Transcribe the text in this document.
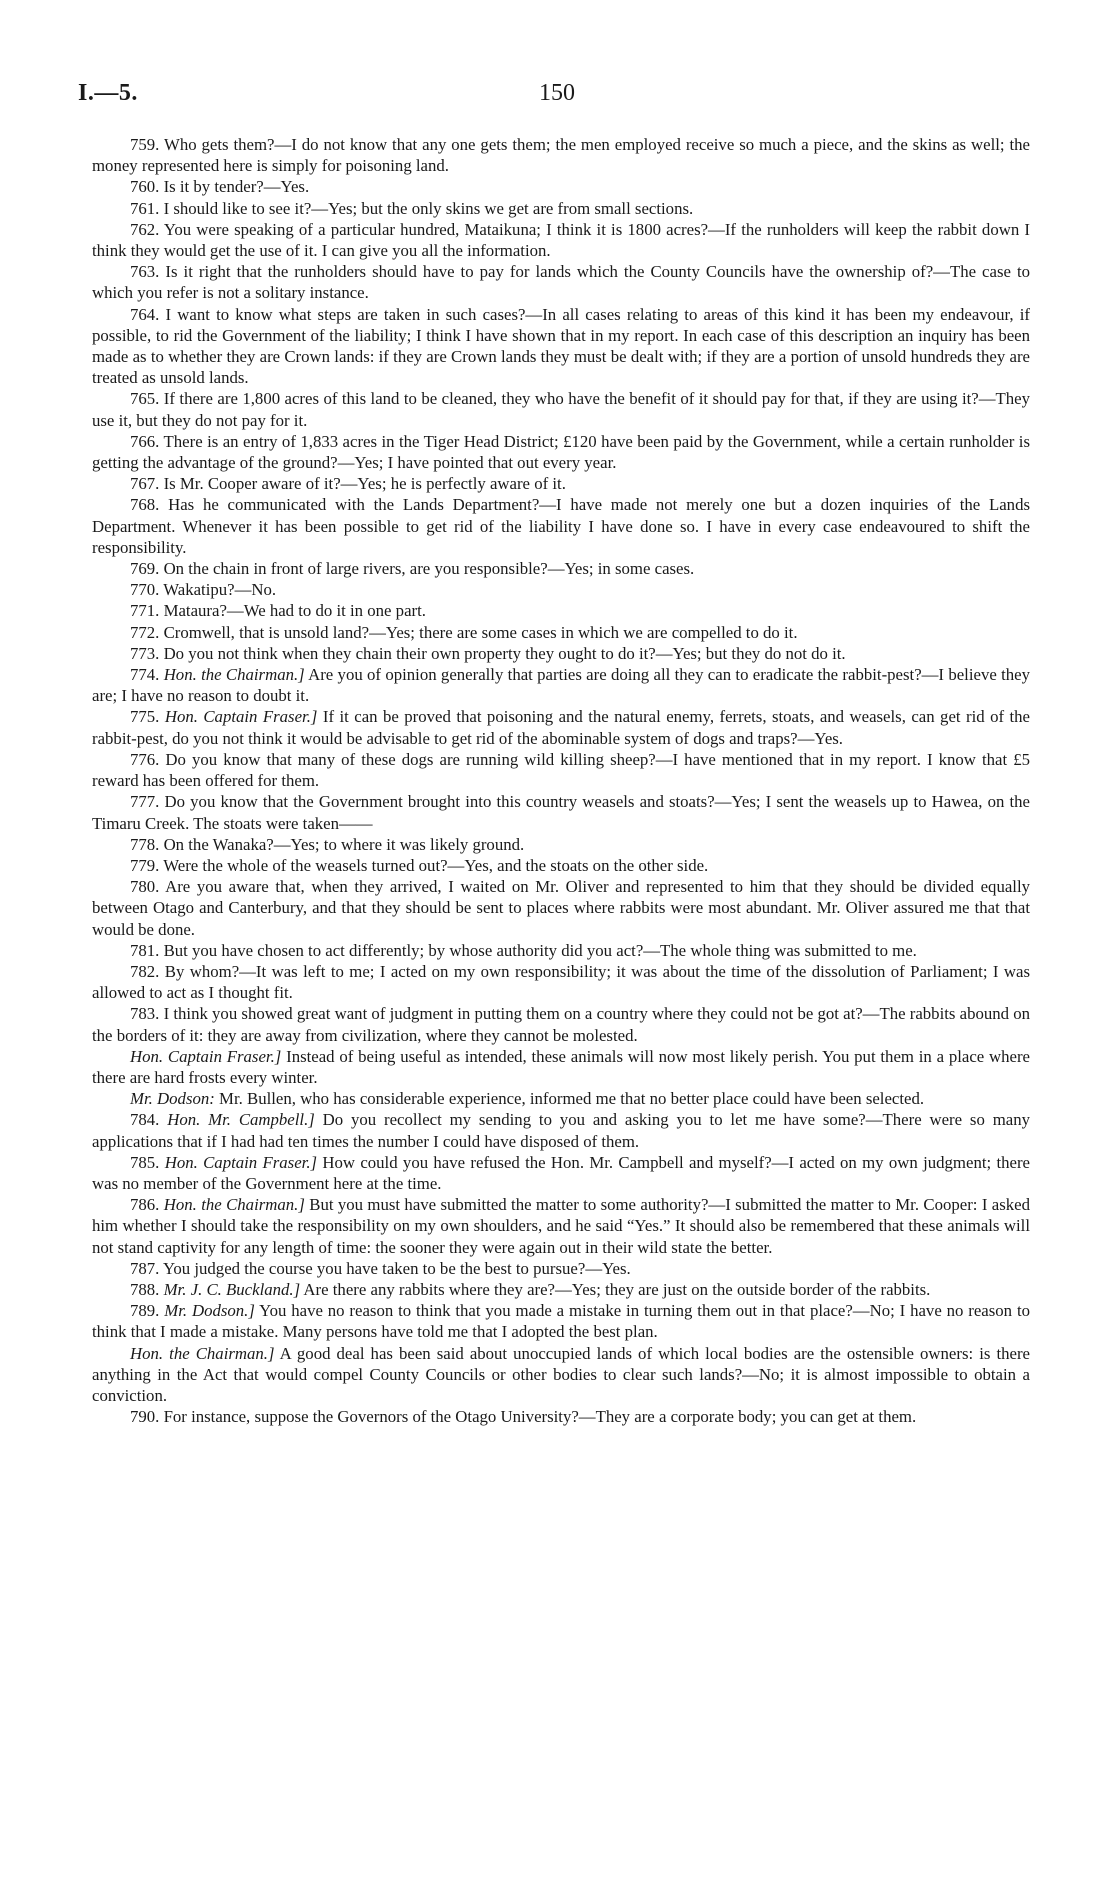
I.—5.	150

759. Who gets them?—I do not know that any one gets them; the men employed receive so much a piece, and the skins as well; the money represented here is simply for poisoning land.

760. Is it by tender?—Yes.

761. I should like to see it?—Yes; but the only skins we get are from small sections.

762. You were speaking of a particular hundred, Mataikuna; I think it is 1800 acres?—If the runholders will keep the rabbit down I think they would get the use of it. I can give you all the information.

763. Is it right that the runholders should have to pay for lands which the County Councils have the ownership of?—The case to which you refer is not a solitary instance.

764. I want to know what steps are taken in such cases?—In all cases relating to areas of this kind it has been my endeavour, if possible, to rid the Government of the liability; I think I have shown that in my report. In each case of this description an inquiry has been made as to whether they are Crown lands: if they are Crown lands they must be dealt with; if they are a portion of unsold hundreds they are treated as unsold lands.

765. If there are 1,800 acres of this land to be cleaned, they who have the benefit of it should pay for that, if they are using it?—They use it, but they do not pay for it.

766. There is an entry of 1,833 acres in the Tiger Head District; £120 have been paid by the Government, while a certain runholder is getting the advantage of the ground?—Yes; I have pointed that out every year.

767. Is Mr. Cooper aware of it?—Yes; he is perfectly aware of it.

768. Has he communicated with the Lands Department?—I have made not merely one but a dozen inquiries of the Lands Department. Whenever it has been possible to get rid of the liability I have done so. I have in every case endeavoured to shift the responsibility.

769. On the chain in front of large rivers, are you responsible?—Yes; in some cases.

770. Wakatipu?—No.

771. Mataura?—We had to do it in one part.

772. Cromwell, that is unsold land?—Yes; there are some cases in which we are compelled to do it.

773. Do you not think when they chain their own property they ought to do it?—Yes; but they do not do it.

774. Hon. the Chairman.] Are you of opinion generally that parties are doing all they can to eradicate the rabbit-pest?—I believe they are; I have no reason to doubt it.

775. Hon. Captain Fraser.] If it can be proved that poisoning and the natural enemy, ferrets, stoats, and weasels, can get rid of the rabbit-pest, do you not think it would be advisable to get rid of the abominable system of dogs and traps?—Yes.

776. Do you know that many of these dogs are running wild killing sheep?—I have mentioned that in my report. I know that £5 reward has been offered for them.

777. Do you know that the Government brought into this country weasels and stoats?—Yes; I sent the weasels up to Hawea, on the Timaru Creek. The stoats were taken——

778. On the Wanaka?—Yes; to where it was likely ground.

779. Were the whole of the weasels turned out?—Yes, and the stoats on the other side.

780. Are you aware that, when they arrived, I waited on Mr. Oliver and represented to him that they should be divided equally between Otago and Canterbury, and that they should be sent to places where rabbits were most abundant. Mr. Oliver assured me that that would be done.

781. But you have chosen to act differently; by whose authority did you act?—The whole thing was submitted to me.

782. By whom?—It was left to me; I acted on my own responsibility; it was about the time of the dissolution of Parliament; I was allowed to act as I thought fit.

783. I think you showed great want of judgment in putting them on a country where they could not be got at?—The rabbits abound on the borders of it: they are away from civilization, where they cannot be molested.

Hon. Captain Fraser.] Instead of being useful as intended, these animals will now most likely perish. You put them in a place where there are hard frosts every winter.

Mr. Dodson: Mr. Bullen, who has considerable experience, informed me that no better place could have been selected.

784. Hon. Mr. Campbell.] Do you recollect my sending to you and asking you to let me have some?—There were so many applications that if I had had ten times the number I could have disposed of them.

785. Hon. Captain Fraser.] How could you have refused the Hon. Mr. Campbell and myself?—I acted on my own judgment; there was no member of the Government here at the time.

786. Hon. the Chairman.] But you must have submitted the matter to some authority?—I submitted the matter to Mr. Cooper: I asked him whether I should take the responsibility on my own shoulders, and he said “Yes.” It should also be remembered that these animals will not stand captivity for any length of time: the sooner they were again out in their wild state the better.

787. You judged the course you have taken to be the best to pursue?—Yes.

788. Mr. J. C. Buckland.] Are there any rabbits where they are?—Yes; they are just on the outside border of the rabbits.

789. Mr. Dodson.] You have no reason to think that you made a mistake in turning them out in that place?—No; I have no reason to think that I made a mistake. Many persons have told me that I adopted the best plan.

Hon. the Chairman.] A good deal has been said about unoccupied lands of which local bodies are the ostensible owners: is there anything in the Act that would compel County Councils or other bodies to clear such lands?—No; it is almost impossible to obtain a conviction.

790. For instance, suppose the Governors of the Otago University?—They are a corporate body; you can get at them.
